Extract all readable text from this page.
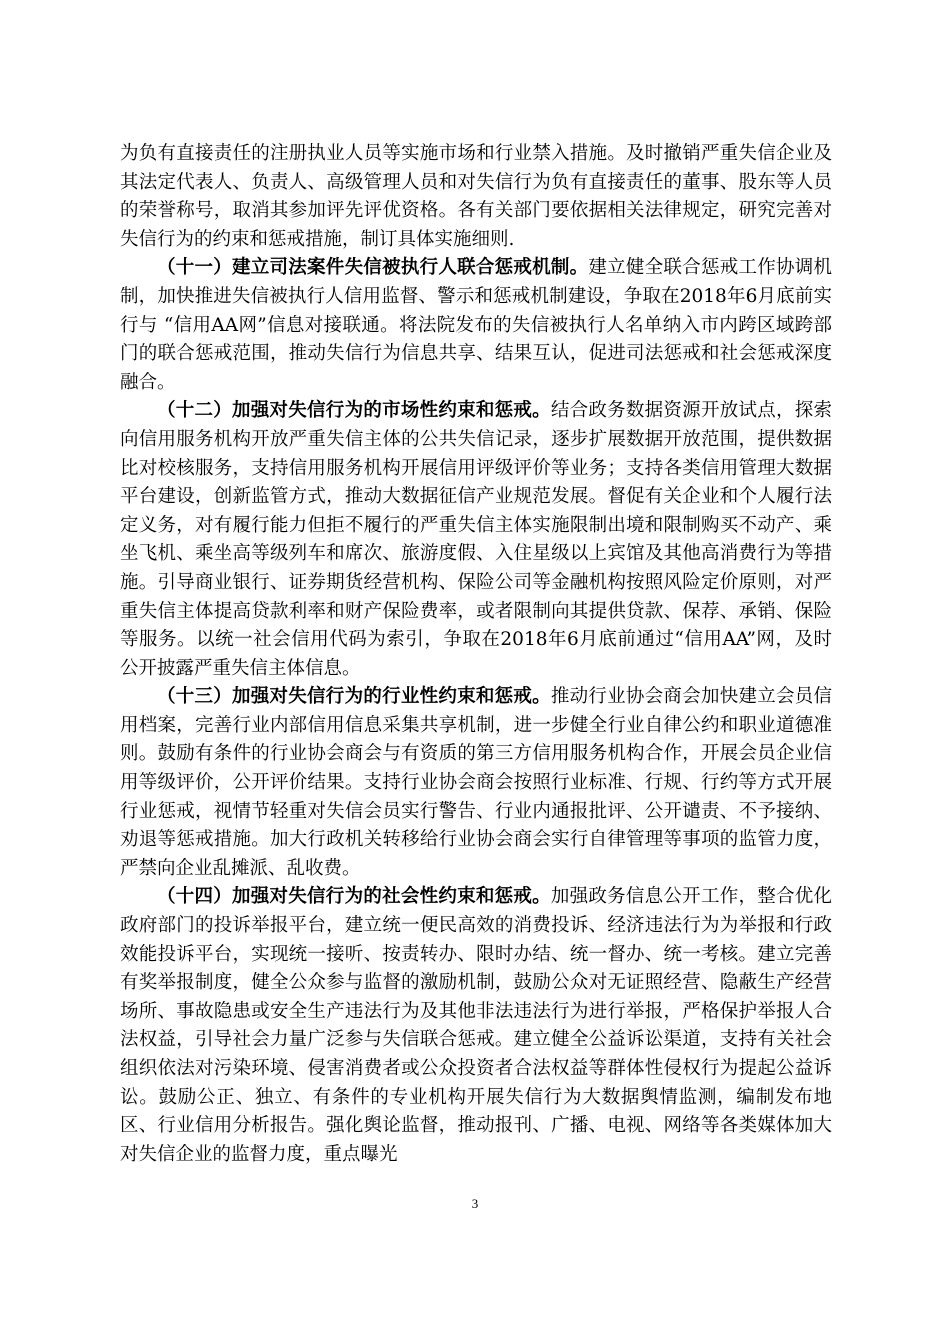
为负有直接责任的注册执业人员等实施市场和行业禁入措施。及时撤销严重失信企业及其法定代表人、负责人、高级管理人员和对失信行为负有直接责任的董事、股东等人员的荣誉称号，取消其参加评先评优资格。各有关部门要依据相关法律规定，研究完善对失信行为的约束和惩戒措施，制订具体实施细则.

（十一）建立司法案件失信被执行人联合惩戒机制。建立健全联合惩戒工作协调机制，加快推进失信被执行人信用监督、警示和惩戒机制建设，争取在2018年6月底前实行与 “信用AA网”信息对接联通。将法院发布的失信被执行人名单纳入市内跨区域跨部门的联合惩戒范围，推动失信行为信息共享、结果互认，促进司法惩戒和社会惩戒深度融合。

（十二）加强对失信行为的市场性约束和惩戒。结合政务数据资源开放试点，探索向信用服务机构开放严重失信主体的公共失信记录，逐步扩展数据开放范围，提供数据比对校核服务，支持信用服务机构开展信用评级评价等业务；支持各类信用管理大数据平台建设，创新监管方式，推动大数据征信产业规范发展。督促有关企业和个人履行法定义务，对有履行能力但拒不履行的严重失信主体实施限制出境和限制购买不动产、乘坐飞机、乘坐高等级列车和席次、旅游度假、入住星级以上宾馆及其他高消费行为等措施。引导商业银行、证券期货经营机构、保险公司等金融机构按照风险定价原则，对严重失信主体提高贷款利率和财产保险费率，或者限制向其提供贷款、保荐、承销、保险等服务。以统一社会信用代码为索引，争取在2018年6月底前通过“信用AA”网，及时公开披露严重失信主体信息。

（十三）加强对失信行为的行业性约束和惩戒。推动行业协会商会加快建立会员信用档案，完善行业内部信用信息采集共享机制，进一步健全行业自律公约和职业道德准则。鼓励有条件的行业协会商会与有资质的第三方信用服务机构合作，开展会员企业信用等级评价，公开评价结果。支持行业协会商会按照行业标准、行规、行约等方式开展行业惩戒，视情节轻重对失信会员实行警告、行业内通报批评、公开谴责、不予接纳、劝退等惩戒措施。加大行政机关转移给行业协会商会实行自律管理等事项的监管力度，严禁向企业乱摊派、乱收费。

（十四）加强对失信行为的社会性约束和惩戒。加强政务信息公开工作，整合优化政府部门的投诉举报平台，建立统一便民高效的消费投诉、经济违法行为为举报和行政效能投诉平台，实现统一接听、按责转办、限时办结、统一督办、统一考核。建立完善有奖举报制度，健全公众参与监督的激励机制，鼓励公众对无证照经营、隐蔽生产经营场所、事故隐患或安全生产违法行为及其他非法违法行为进行举报，严格保护举报人合法权益，引导社会力量广泛参与失信联合惩戒。建立健全公益诉讼渠道，支持有关社会组织依法对污染环境、侵害消费者或公众投资者合法权益等群体性侵权行为提起公益诉讼。鼓励公正、独立、有条件的专业机构开展失信行为大数据舆情监测，编制发布地区、行业信用分析报告。强化舆论监督，推动报刊、广播、电视、网络等各类媒体加大对失信企业的监督力度，重点曝光

3
